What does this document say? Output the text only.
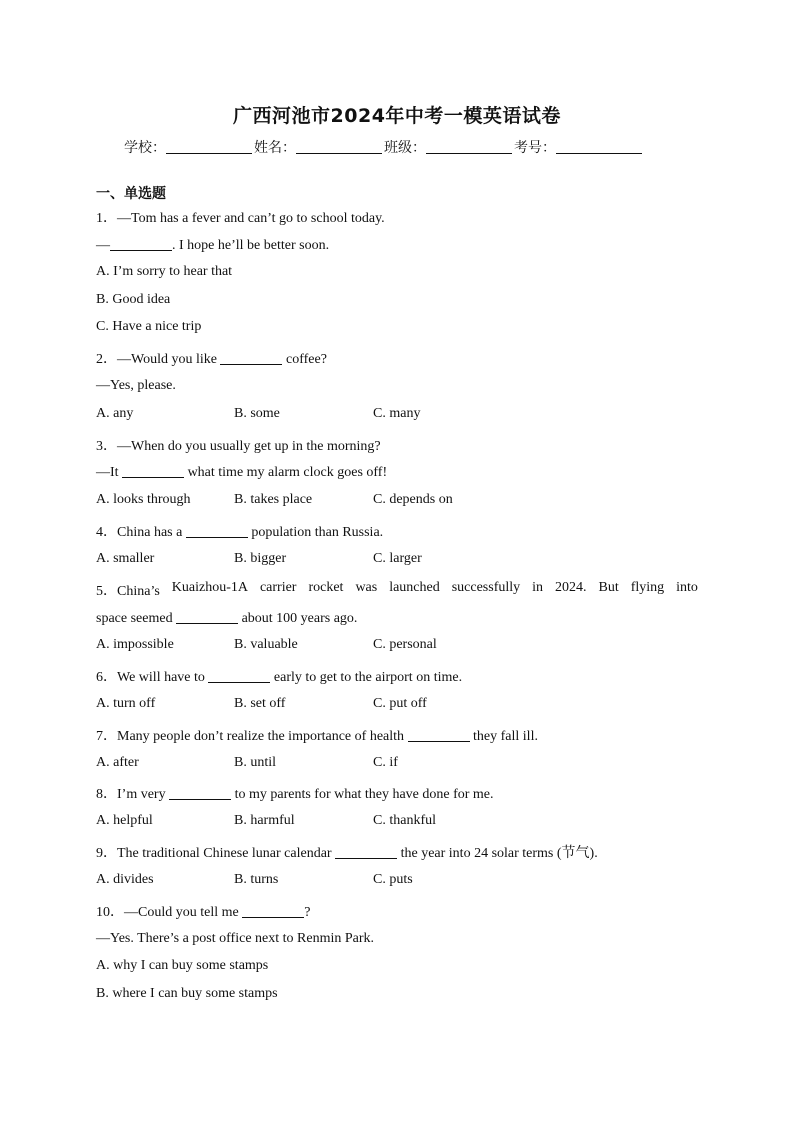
广西河池市2024年中考一模英语试卷
学校：	姓名：	班级：	考号：
一、单选题
1．—Tom has a fever and can’t go to school today.
—	. I hope he’ll be better soon.
A. I’m sorry to hear that
B. Good idea
C. Have a nice trip
2．—Would you like	coffee?
—Yes, please.
A. any	B. some	C. many
3．—When do you usually get up in the morning?
—It	what time my alarm clock goes off!
A. looks through	B. takes place	C. depends on
4．China has a	population than Russia.
A. smaller	B. bigger	C. larger
5．China’s Kuaizhou-1A carrier rocket was launched successfully in 2024. But flying into
space seemed	about 100 years ago.
A. impossible	B. valuable	C. personal
6．We will have to	early to get to the airport on time.
A. turn off	B. set off	C. put off
7．Many people don’t realize the importance of health	they fall ill.
A. after	B. until	C. if
8．I’m very	to my parents for what they have done for me.
A. helpful	B. harmful	C. thankful
9．The traditional Chinese lunar calendar	the year into 24 solar terms (节气).
A. divides	B. turns	C. puts
10．—Could you tell me	?
—Yes. There’s a post office next to Renmin Park.
A. why I can buy some stamps
B. where I can buy some stamps
